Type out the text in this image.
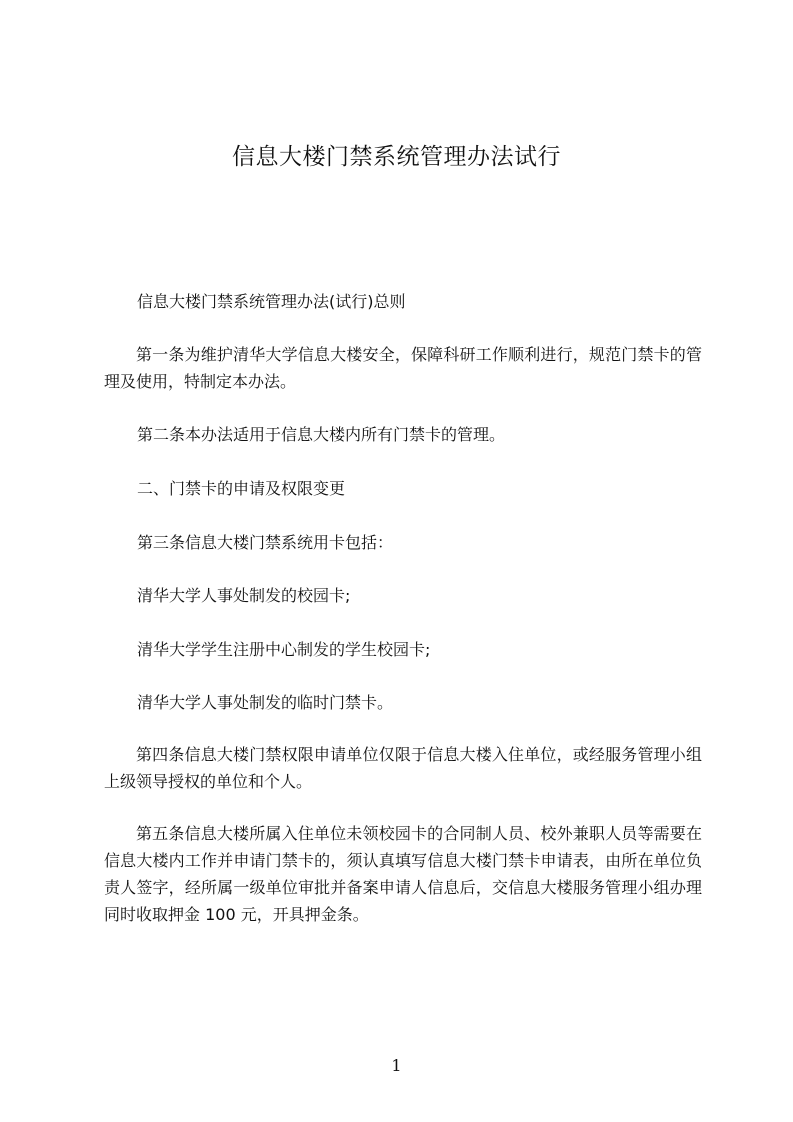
信息大楼门禁系统管理办法试行
信息大楼门禁系统管理办法(试行)总则
第一条为维护清华大学信息大楼安全，保障科研工作顺利进行，规范门禁卡的管理及使用，特制定本办法。
第二条本办法适用于信息大楼内所有门禁卡的管理。
二、门禁卡的申请及权限变更
第三条信息大楼门禁系统用卡包括：
清华大学人事处制发的校园卡;
清华大学学生注册中心制发的学生校园卡;
清华大学人事处制发的临时门禁卡。
第四条信息大楼门禁权限申请单位仅限于信息大楼入住单位，或经服务管理小组上级领导授权的单位和个人。
第五条信息大楼所属入住单位未领校园卡的合同制人员、校外兼职人员等需要在信息大楼内工作并申请门禁卡的，须认真填写信息大楼门禁卡申请表，由所在单位负责人签字，经所属一级单位审批并备案申请人信息后，交信息大楼服务管理小组办理同时收取押金 100 元，开具押金条。
1
